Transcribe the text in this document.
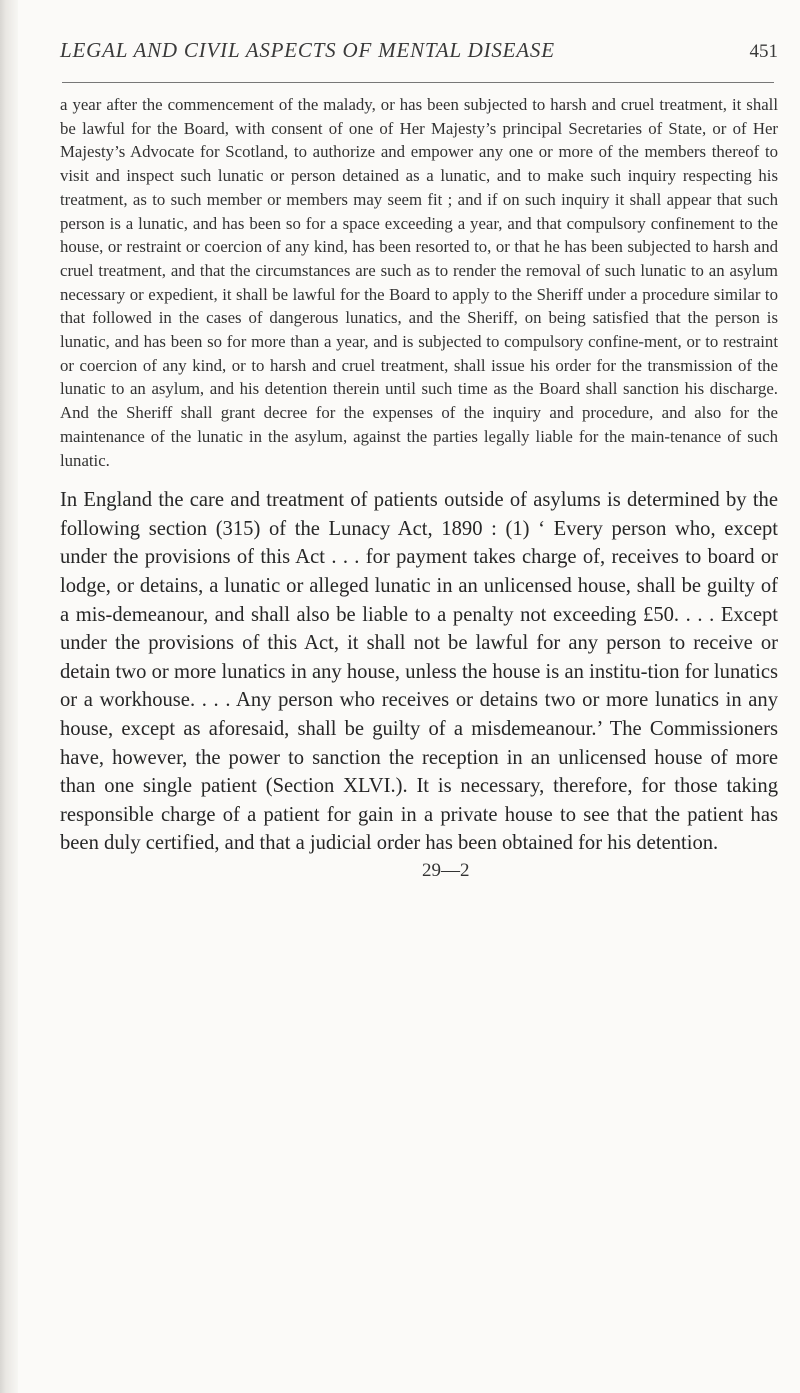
LEGAL AND CIVIL ASPECTS OF MENTAL DISEASE	451

a year after the commencement of the malady, or has been subjected to harsh and cruel treatment, it shall be lawful for the Board, with consent of one of Her Majesty’s principal Secretaries of State, or of Her Majesty’s Advocate for Scotland, to authorize and empower any one or more of the members thereof to visit and inspect such lunatic or person detained as a lunatic, and to make such inquiry respecting his treatment, as to such member or members may seem fit ; and if on such inquiry it shall appear that such person is a lunatic, and has been so for a space exceeding a year, and that compulsory confinement to the house, or restraint or coercion of any kind, has been resorted to, or that he has been subjected to harsh and cruel treatment, and that the circumstances are such as to render the removal of such lunatic to an asylum necessary or expedient, it shall be lawful for the Board to apply to the Sheriff under a procedure similar to that followed in the cases of dangerous lunatics, and the Sheriff, on being satisfied that the person is lunatic, and has been so for more than a year, and is subjected to compulsory confine-ment, or to restraint or coercion of any kind, or to harsh and cruel treatment, shall issue his order for the transmission of the lunatic to an asylum, and his detention therein until such time as the Board shall sanction his discharge. And the Sheriff shall grant decree for the expenses of the inquiry and procedure, and also for the maintenance of the lunatic in the asylum, against the parties legally liable for the main-tenance of such lunatic.

In England the care and treatment of patients outside of asylums is determined by the following section (315) of the Lunacy Act, 1890 : (1) ‘ Every person who, except under the provisions of this Act . . . for payment takes charge of, receives to board or lodge, or detains, a lunatic or alleged lunatic in an unlicensed house, shall be guilty of a mis-demeanour, and shall also be liable to a penalty not exceeding £50. . . . Except under the provisions of this Act, it shall not be lawful for any person to receive or detain two or more lunatics in any house, unless the house is an institu-tion for lunatics or a workhouse. . . . Any person who receives or detains two or more lunatics in any house, except as aforesaid, shall be guilty of a misdemeanour.’ The Commissioners have, however, the power to sanction the reception in an unlicensed house of more than one single patient (Section XLVI.). It is necessary, therefore, for those taking responsible charge of a patient for gain in a private house to see that the patient has been duly certified, and that a judicial order has been obtained for his detention.

29—2
